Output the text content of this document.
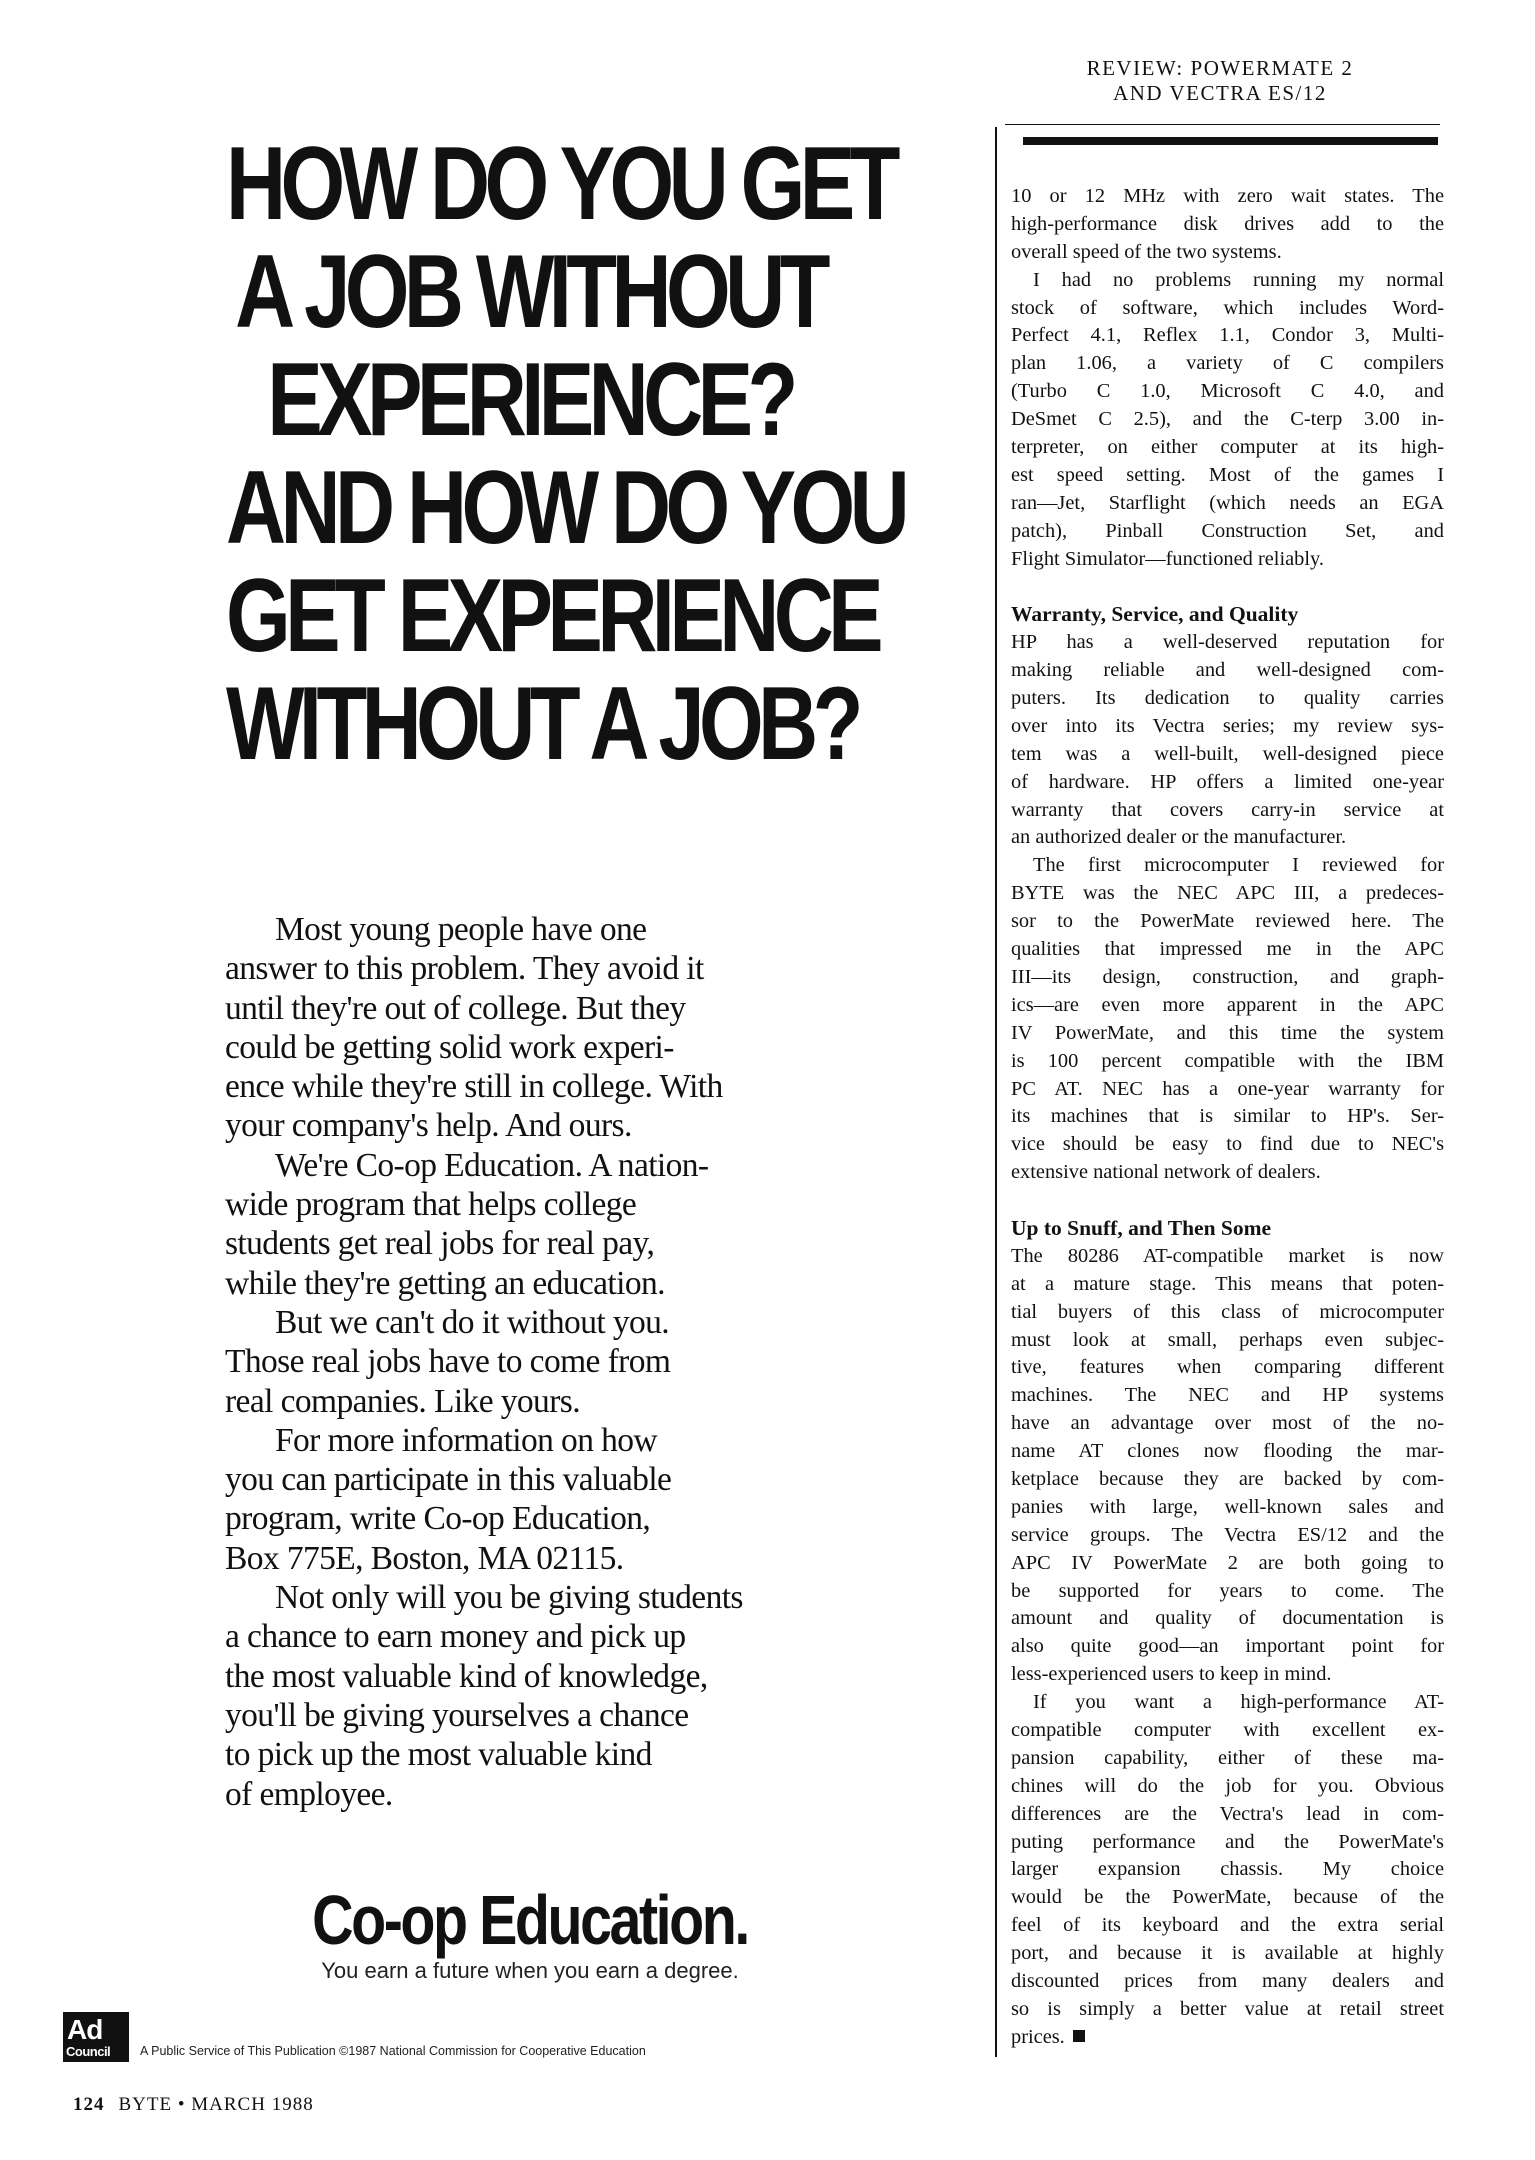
REVIEW: POWERMATE 2
AND VECTRA ES/12
HOW DO YOU GET
A JOB WITHOUT
EXPERIENCE?
AND HOW DO YOU
GET EXPERIENCE
WITHOUT A JOB?
Most young people have one
answer to this problem. They avoid it
until they're out of college. But they
could be getting solid work experi-
ence while they're still in college. With
your company's help. And ours.
We're Co-op Education. A nation-
wide program that helps college
students get real jobs for real pay,
while they're getting an education.
But we can't do it without you.
Those real jobs have to come from
real companies. Like yours.
For more information on how
you can participate in this valuable
program, write Co-op Education,
Box 775E, Boston, MA 02115.
Not only will you be giving students
a chance to earn money and pick up
the most valuable kind of knowledge,
you'll be giving yourselves a chance
to pick up the most valuable kind
of employee.
Co-op Education.
You earn a future when you earn a degree.
Ad
Council A Public Service of This Publication ©1987 National Commission for Cooperative Education
124 BYTE • MARCH 1988
10 or 12 MHz with zero wait states. The
high-performance disk drives add to the
overall speed of the two systems.
I had no problems running my normal
stock of software, which includes Word-
Perfect 4.1, Reflex 1.1, Condor 3, Multi-
plan 1.06, a variety of C compilers
(Turbo C 1.0, Microsoft C 4.0, and
DeSmet C 2.5), and the C-terp 3.00 in-
terpreter, on either computer at its high-
est speed setting. Most of the games I
ran—Jet, Starflight (which needs an EGA
patch), Pinball Construction Set, and
Flight Simulator—functioned reliably.
Warranty, Service, and Quality
HP has a well-deserved reputation for
making reliable and well-designed com-
puters. Its dedication to quality carries
over into its Vectra series; my review sys-
tem was a well-built, well-designed piece
of hardware. HP offers a limited one-year
warranty that covers carry-in service at
an authorized dealer or the manufacturer.
The first microcomputer I reviewed for
BYTE was the NEC APC III, a predeces-
sor to the PowerMate reviewed here. The
qualities that impressed me in the APC
III—its design, construction, and graph-
ics—are even more apparent in the APC
IV PowerMate, and this time the system
is 100 percent compatible with the IBM
PC AT. NEC has a one-year warranty for
its machines that is similar to HP's. Ser-
vice should be easy to find due to NEC's
extensive national network of dealers.
Up to Snuff, and Then Some
The 80286 AT-compatible market is now
at a mature stage. This means that poten-
tial buyers of this class of microcomputer
must look at small, perhaps even subjec-
tive, features when comparing different
machines. The NEC and HP systems
have an advantage over most of the no-
name AT clones now flooding the mar-
ketplace because they are backed by com-
panies with large, well-known sales and
service groups. The Vectra ES/12 and the
APC IV PowerMate 2 are both going to
be supported for years to come. The
amount and quality of documentation is
also quite good—an important point for
less-experienced users to keep in mind.
If you want a high-performance AT-
compatible computer with excellent ex-
pansion capability, either of these ma-
chines will do the job for you. Obvious
differences are the Vectra's lead in com-
puting performance and the PowerMate's
larger expansion chassis. My choice
would be the PowerMate, because of the
feel of its keyboard and the extra serial
port, and because it is available at highly
discounted prices from many dealers and
so is simply a better value at retail street
prices.
